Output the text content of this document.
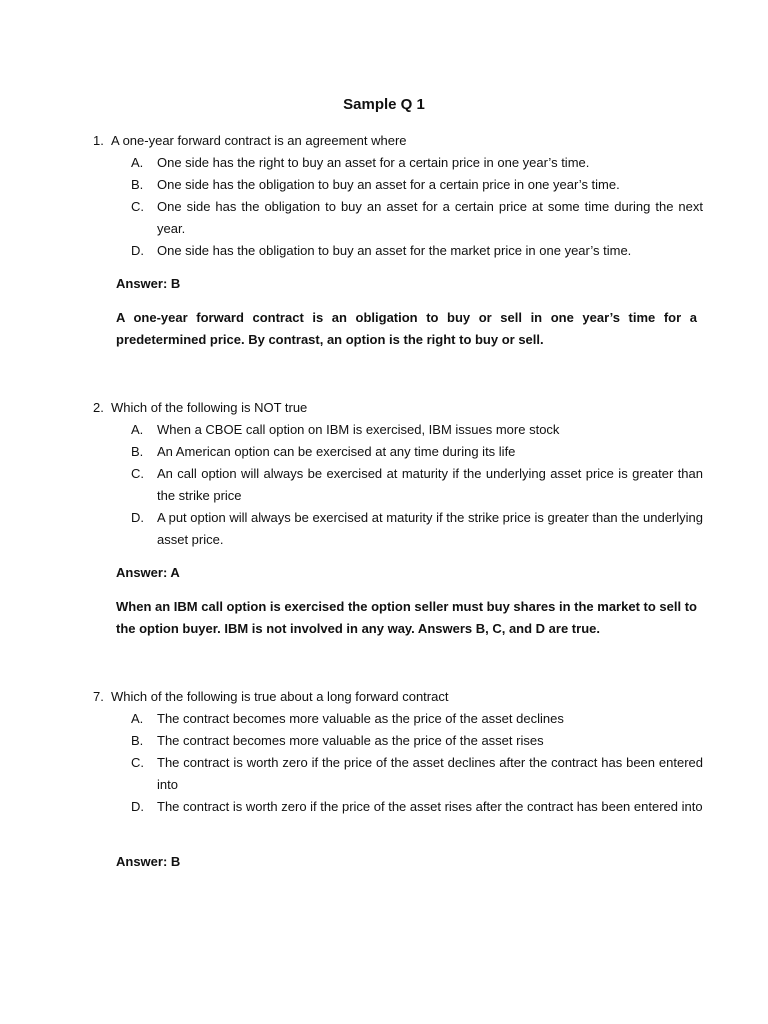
Sample Q 1
1. A one-year forward contract is an agreement where
A.	One side has the right to buy an asset for a certain price in one year’s time.
B.	One side has the obligation to buy an asset for a certain price in one year’s time.
C.	One side has the obligation to buy an asset for a certain price at some time during the next year.
D.	One side has the obligation to buy an asset for the market price in one year’s time.
Answer: B
A one-year forward contract is an obligation to buy or sell in one year’s time for a predetermined price. By contrast, an option is the right to buy or sell.
2. Which of the following is NOT true
A.	When a CBOE call option on IBM is exercised, IBM issues more stock
B.	An American option can be exercised at any time during its life
C.	An call option will always be exercised at maturity if the underlying asset price is greater than the strike price
D.	A put option will always be exercised at maturity if the strike price is greater than the underlying asset price.
Answer: A
When an IBM call option is exercised the option seller must buy shares in the market to sell to the option buyer. IBM is not involved in any way. Answers B, C, and D are true.
7. Which of the following is true about a long forward contract
A.	The contract becomes more valuable as the price of the asset declines
B.	The contract becomes more valuable as the price of the asset rises
C.	The contract is worth zero if the price of the asset declines after the contract has been entered into
D.	The contract is worth zero if the price of the asset rises after the contract has been entered into
Answer: B
